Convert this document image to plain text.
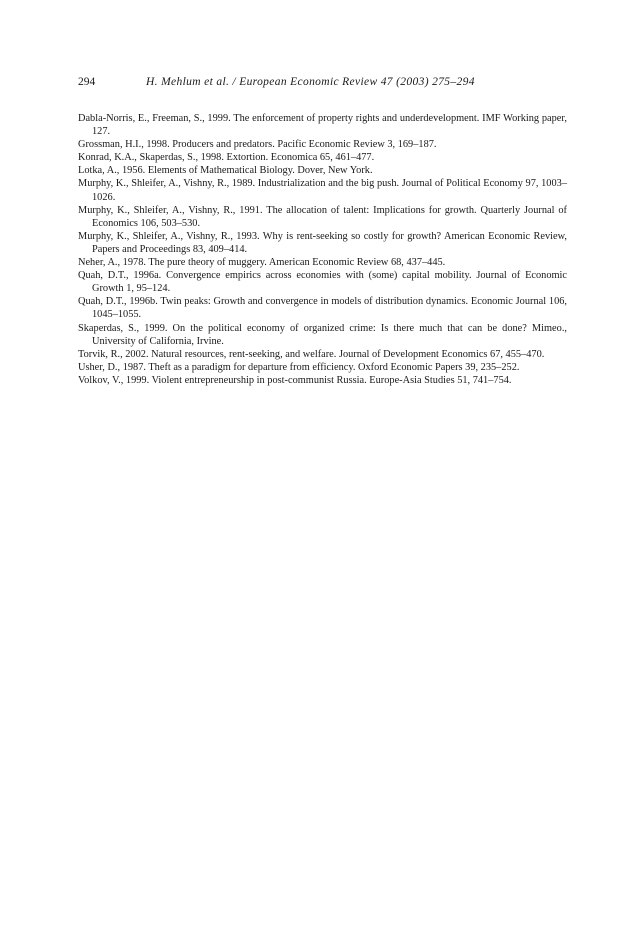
294	H. Mehlum et al. / European Economic Review 47 (2003) 275–294
Dabla-Norris, E., Freeman, S., 1999. The enforcement of property rights and underdevelopment. IMF Working paper, 127.
Grossman, H.I., 1998. Producers and predators. Pacific Economic Review 3, 169–187.
Konrad, K.A., Skaperdas, S., 1998. Extortion. Economica 65, 461–477.
Lotka, A., 1956. Elements of Mathematical Biology. Dover, New York.
Murphy, K., Shleifer, A., Vishny, R., 1989. Industrialization and the big push. Journal of Political Economy 97, 1003–1026.
Murphy, K., Shleifer, A., Vishny, R., 1991. The allocation of talent: Implications for growth. Quarterly Journal of Economics 106, 503–530.
Murphy, K., Shleifer, A., Vishny, R., 1993. Why is rent-seeking so costly for growth? American Economic Review, Papers and Proceedings 83, 409–414.
Neher, A., 1978. The pure theory of muggery. American Economic Review 68, 437–445.
Quah, D.T., 1996a. Convergence empirics across economies with (some) capital mobility. Journal of Economic Growth 1, 95–124.
Quah, D.T., 1996b. Twin peaks: Growth and convergence in models of distribution dynamics. Economic Journal 106, 1045–1055.
Skaperdas, S., 1999. On the political economy of organized crime: Is there much that can be done? Mimeo., University of California, Irvine.
Torvik, R., 2002. Natural resources, rent-seeking, and welfare. Journal of Development Economics 67, 455–470.
Usher, D., 1987. Theft as a paradigm for departure from efficiency. Oxford Economic Papers 39, 235–252.
Volkov, V., 1999. Violent entrepreneurship in post-communist Russia. Europe-Asia Studies 51, 741–754.
